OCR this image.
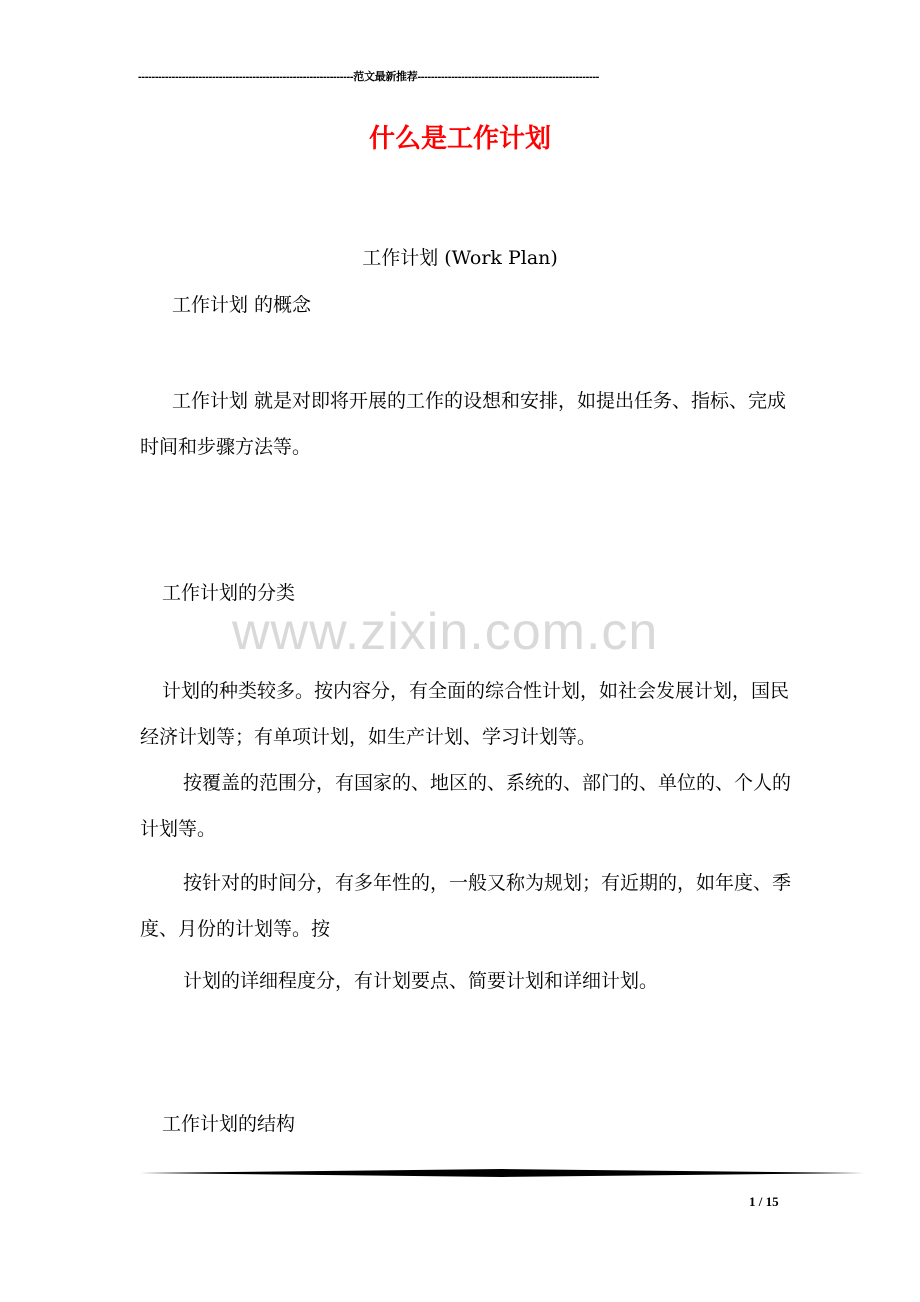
----------------------------------------------------------------范文最新推荐------------------------------------------------------
什么是工作计划
工作计划 (Work Plan)
工作计划 的概念
工作计划 就是对即将开展的工作的设想和安排，如提出任务、指标、完成时间和步骤方法等。
工作计划的分类
www.zixin.com.cn
计划的种类较多。按内容分，有全面的综合性计划，如社会发展计划，国民经济计划等；有单项计划，如生产计划、学习计划等。
按覆盖的范围分，有国家的、地区的、系统的、部门的、单位的、个人的计划等。
按针对的时间分，有多年性的，一般又称为规划；有近期的，如年度、季度、月份的计划等。按
计划的详细程度分，有计划要点、简要计划和详细计划。
工作计划的结构
1 / 15
